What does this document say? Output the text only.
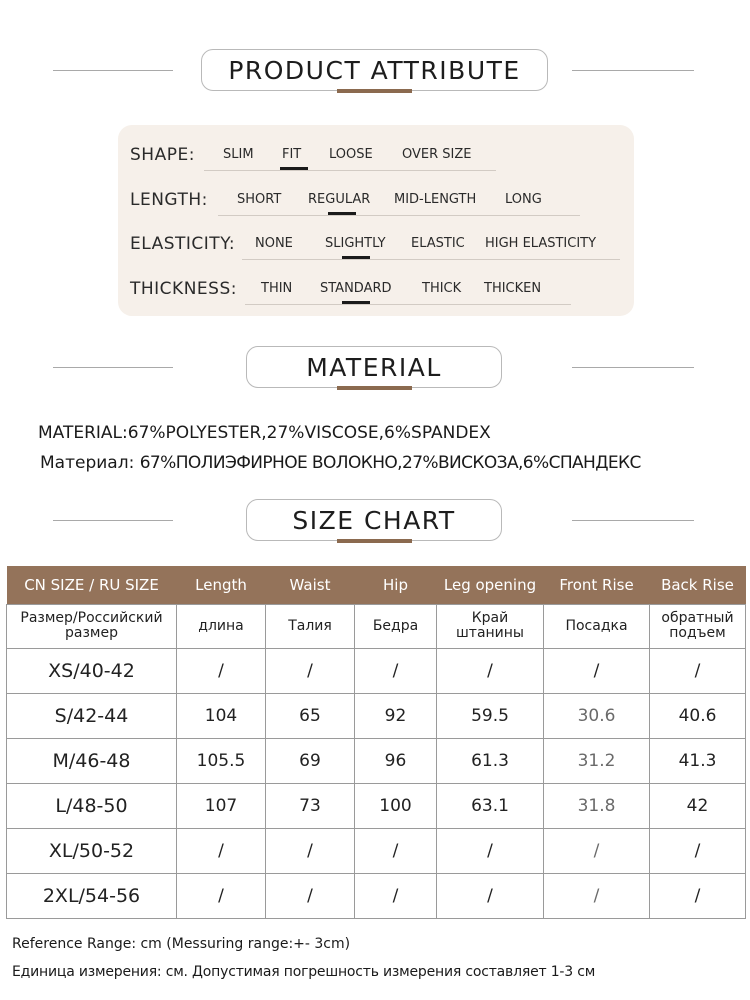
PRODUCT ATTRIBUTE
SHAPE: SLIM FIT LOOSE OVER SIZE
LENGTH: SHORT REGULAR MID-LENGTH LONG
ELASTICITY: NONE SLIGHTLY ELASTIC HIGH ELASTICITY
THICKNESS: THIN STANDARD THICK THICKEN
MATERIAL
MATERIAL:67%POLYESTER,27%VISCOSE,6%SPANDEX
Материал: 67%ПОЛИЭФИРНОЕ ВОЛОКНО,27%ВИСКОЗА,6%СПАНДЕКС
SIZE CHART
CN SIZE / RU SIZE	Length	Waist	Hip	Leg opening	Front Rise	Back Rise
Размер/Российский размер	длина	Талия	Бедра	Край штанины	Посадка	обратный подъем
XS/40-42	/	/	/	/	/	/
S/42-44	104	65	92	59.5	30.6	40.6
M/46-48	105.5	69	96	61.3	31.2	41.3
L/48-50	107	73	100	63.1	31.8	42
XL/50-52	/	/	/	/	/	/
2XL/54-56	/	/	/	/	/	/
Reference Range: cm (Messuring range:+- 3cm)
Единица измерения: см. Допустимая погрешность измерения составляет 1-3 см
